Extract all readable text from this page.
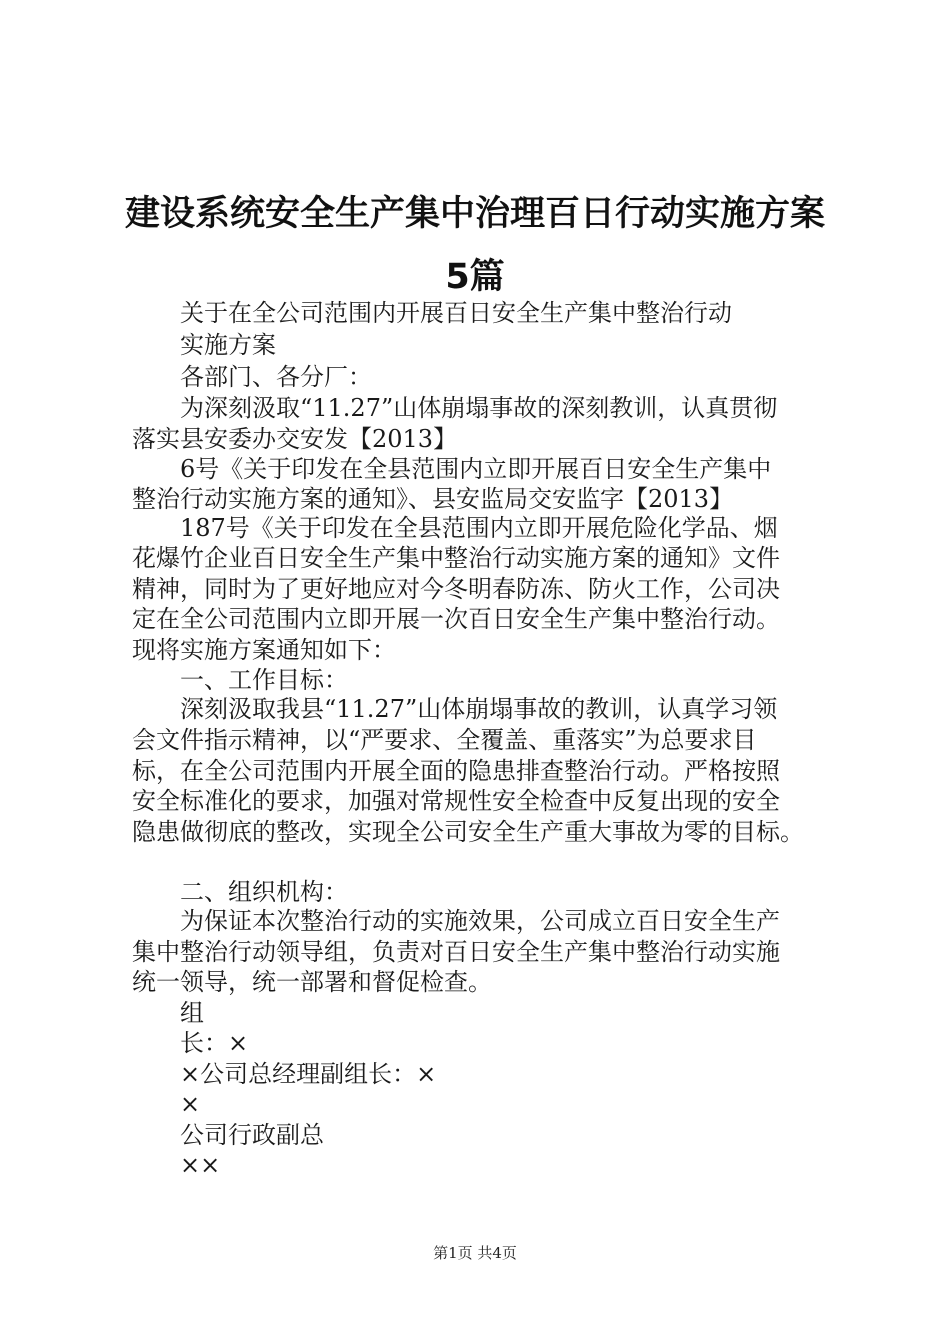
建设系统安全生产集中治理百日行动实施方案
5篇
关于在全公司范围内开展百日安全生产集中整治行动
实施方案
各部门、各分厂：
为深刻汲取“11.27”山体崩塌事故的深刻教训，认真贯彻
落实县安委办交安发【2013】
6号《关于印发在全县范围内立即开展百日安全生产集中
整治行动实施方案的通知》、县安监局交安监字【2013】
187号《关于印发在全县范围内立即开展危险化学品、烟
花爆竹企业百日安全生产集中整治行动实施方案的通知》文件
精神，同时为了更好地应对今冬明春防冻、防火工作，公司决
定在全公司范围内立即开展一次百日安全生产集中整治行动。
现将实施方案通知如下：
一、工作目标：
深刻汲取我县“11.27”山体崩塌事故的教训，认真学习领
会文件指示精神，以“严要求、全覆盖、重落实”为总要求目
标，在全公司范围内开展全面的隐患排查整治行动。严格按照
安全标准化的要求，加强对常规性安全检查中反复出现的安全
隐患做彻底的整改，实现全公司安全生产重大事故为零的目标。
二、组织机构：
为保证本次整治行动的实施效果，公司成立百日安全生产
集中整治行动领导组，负责对百日安全生产集中整治行动实施
统一领导，统一部署和督促检查。
组
长：×
×公司总经理副组长：×
×
公司行政副总
××
第1页 共4页
